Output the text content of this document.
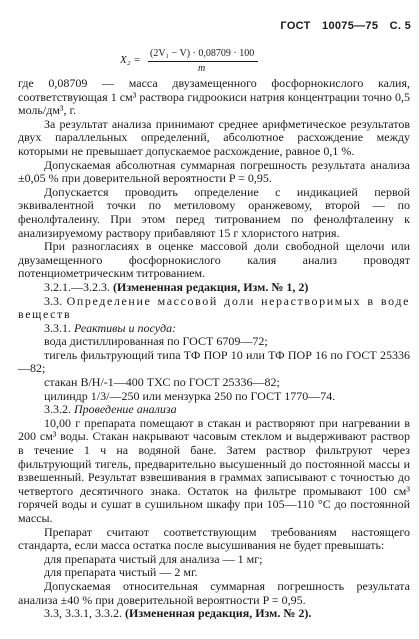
ГОСТ 10075—75 С. 5
X₂ =
(2V₁ − V) · 0,08709 · 100
m

где 0,08709 — масса двузамещенного фосфорнокислого калия, соответствующая 1 см³ раствора гидроокиси натрия концентрации точно 0,5 моль/дм³, г.

За результат анализа принимают среднее арифметическое результатов двух параллельных определений, абсолютное расхождение между которыми не превышает допускаемое расхождение, равное 0,1 %.

Допускаемая абсолютная суммарная погрешность результата анализа ±0,05 % при доверительной вероятности P = 0,95.

Допускается проводить определение с индикацией первой эквивалентной точки по метиловому оранжевому, второй — по фенолфталеину. При этом перед титрованием по фенолфталеину к анализируемому раствору прибавляют 15 г хлористого натрия.

При разногласиях в оценке массовой доли свободной щелочи или двузамещенного фосфорнокислого калия анализ проводят потенциометрическим титрованием.

3.2.1.—3.2.3. (Измененная редакция, Изм. № 1, 2)

3.3. Определение массовой доли нерастворимых в воде веществ

3.3.1. Реактивы и посуда:

вода дистиллированная по ГОСТ 6709—72;

тигель фильтрующий типа ТФ ПОР 10 или ТФ ПОР 16 по ГОСТ 25336—82;

стакан В/Н/-1—400 ТХС по ГОСТ 25336—82;

цилиндр 1/3/—250 или мензурка 250 по ГОСТ 1770—74.

3.3.2. Проведение анализа

10,00 г препарата помещают в стакан и растворяют при нагревании в 200 см³ воды. Стакан накрывают часовым стеклом и выдерживают раствор в течение 1 ч на водяной бане. Затем раствор фильтруют через фильтрующий тигель, предварительно высушенный до постоянной массы и взвешенный. Результат взвешивания в граммах записывают с точностью до четвертого десятичного знака. Остаток на фильтре промывают 100 см³ горячей воды и сушат в сушильном шкафу при 105—110 °С до постоянной массы.

Препарат считают соответствующим требованиям настоящего стандарта, если масса остатка после высушивания не будет превышать:

для препарата чистый для анализа — 1 мг;

для препарата чистый — 2 мг.

Допускаемая относительная суммарная погрешность результата анализа ±40 % при доверительной вероятности P = 0,95.

3.3, 3.3.1, 3.3.2. (Измененная редакция, Изм. № 2).
